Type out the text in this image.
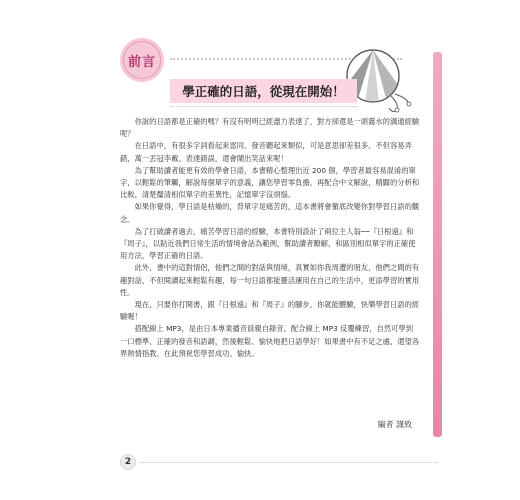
前言
學正確的日語，從現在開始！

你說的日語都是正確的嗎？有沒有明明已經盡力表達了，對方卻還是一頭霧水的溝通經驗呢？

在日語中，有很多字詞看起來雷同，發音聽起來類似，可是意思卻差很多、不但容易弄錯，萬一丟冠李戴、表達錯誤，還會鬧出笑話來呢！

為了幫助讀者能更有效的學會日語，本書精心整理出近 200 個，學習者最容易混淆的單字，以輕鬆的筆觸，解說每個單字的意義，讓您學習零負擔，再配合中文解說，精闢的分析和比較，清楚釐清相似單字的差異性，記憶單字沒煩惱。

如果你覺得，學日語是枯燥的，背單字是痛苦的，這本書將會徹底改變你對學習日語的觀念。

為了打破讀者過去，痛苦學習日語的經驗，本書特別設計了兩位主人翁──『日根遠』和『周子』，以貼近我們日常生活的情境會話為範例，幫助讀者瞭解，和區別相似單字的正確使用方法，學習正確的日語。

此外，書中的這對情侶，他們之間的對話與情境，真實如你我周遭的朋友，他們之間的有趣對話，不但閱讀起來輕鬆有趣，每一句日語都能靈活運用在自己的生活中，更添學習的實用性。

現在，只要你打開書，跟『日根遠』和『周子』的腳步，你就能體驗，快樂學習日語的經驗喔！

搭配線上 MP3，是由日本專業播音員親自錄音，配合線上 MP3 反覆練習，自然可學到一口標準、正確的發音和語調，然後輕鬆、愉快地把日語學好！如果書中有不足之處，還望各界熱情指教。在此預祝您學習成功、愉快。

編者 謹致
2
